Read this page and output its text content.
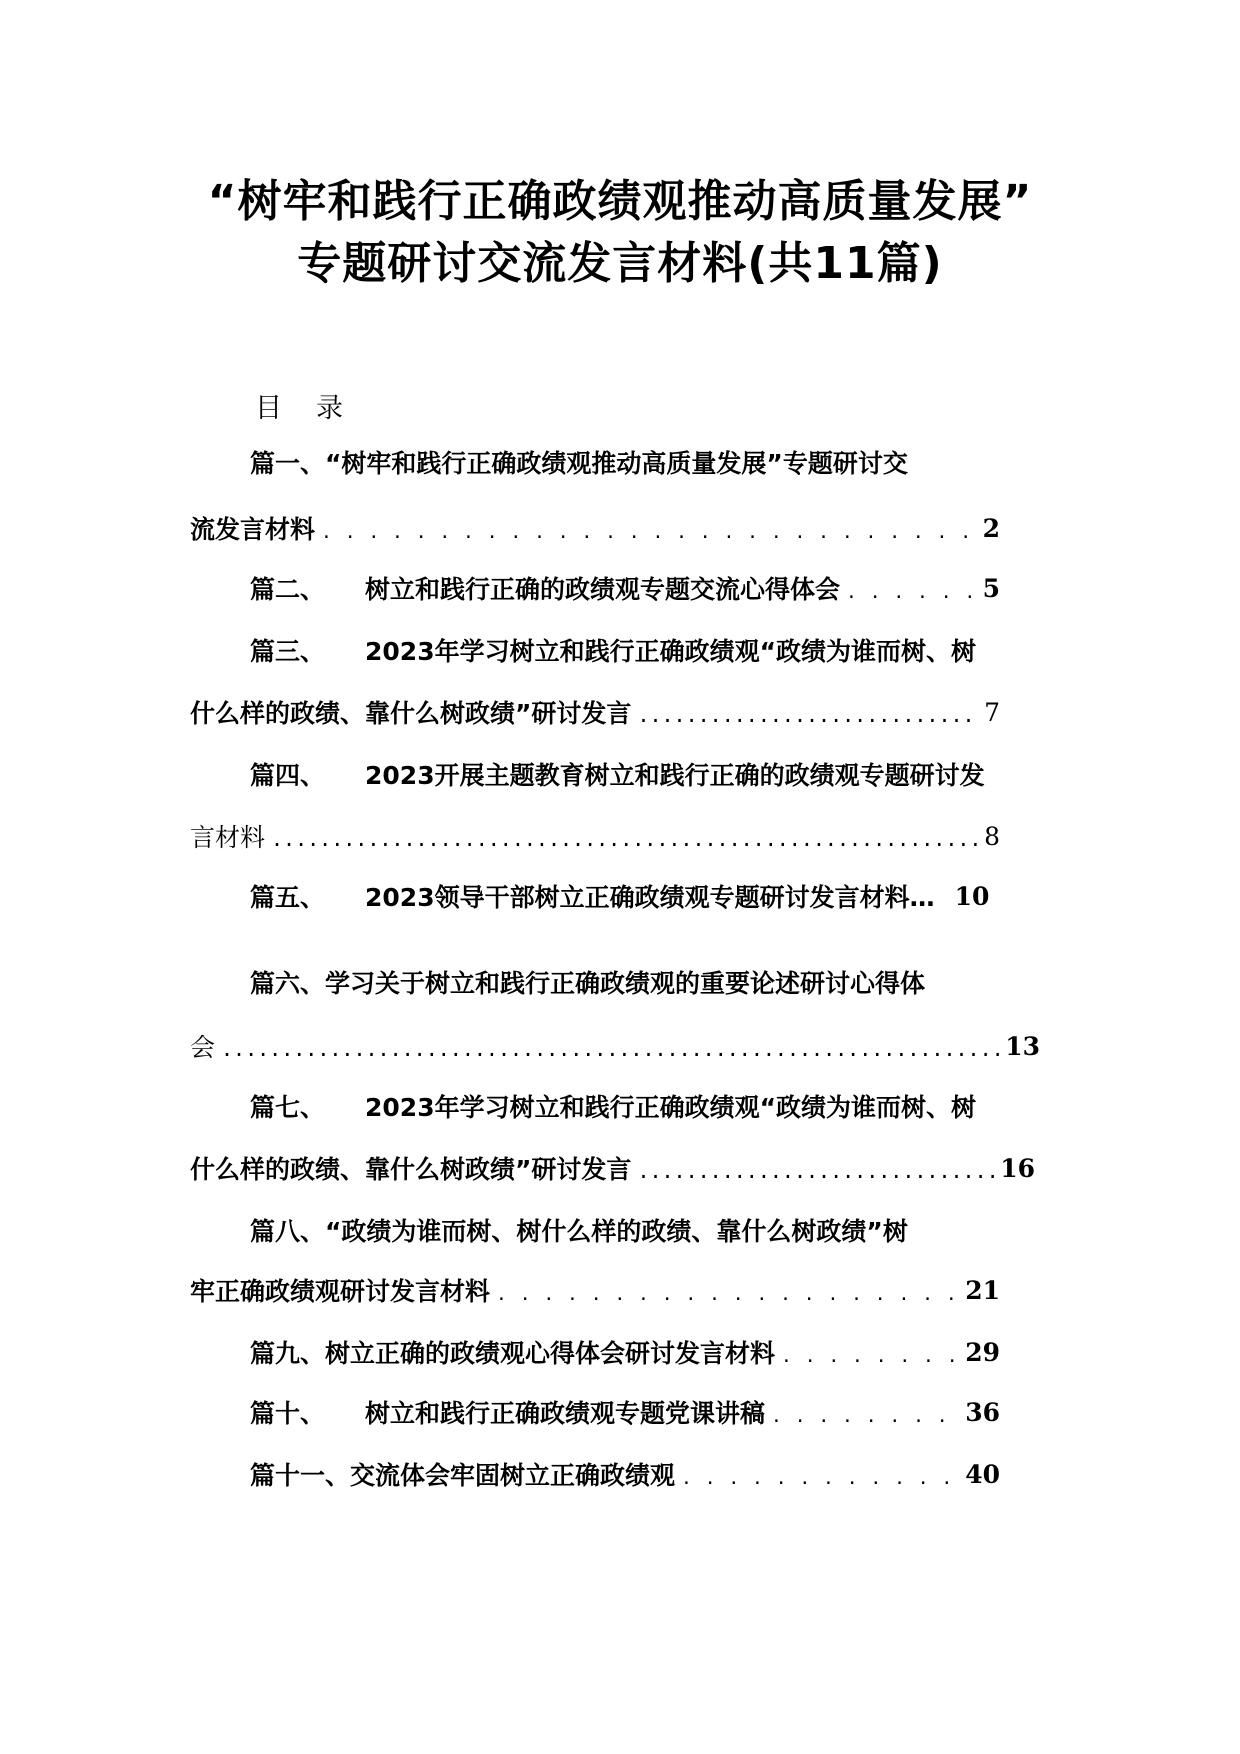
“树牢和践行正确政绩观推动高质量发展”
专题研讨交流发言材料(共11篇)
目 录
篇一、“树牢和践行正确政绩观推动高质量发展”专题研讨交
流发言材料 . . .	2
篇二、 树立和践行正确的政绩观专题交流心得体会 . . .	5
篇三、 2023年学习树立和践行正确政绩观“政绩为谁而树、树
什么样的政绩、靠什么树政绩”研讨发言 .....	7
篇四、 2023开展主题教育树立和践行正确的政绩观专题研讨发
言材料 .....	8
篇五、 2023领导干部树立正确政绩观专题研讨发言材料… 10
篇六、学习关于树立和践行正确政绩观的重要论述研讨心得体
会 .....	13
篇七、 2023年学习树立和践行正确政绩观“政绩为谁而树、树
什么样的政绩、靠什么树政绩”研讨发言 .....	16
篇八、“政绩为谁而树、树什么样的政绩、靠什么树政绩”树
牢正确政绩观研讨发言材料 . . .	21
篇九、树立正确的政绩观心得体会研讨发言材料 . . .	29
篇十、 树立和践行正确政绩观专题党课讲稿 . . .	36
篇十一、交流体会牢固树立正确政绩观 . . .	40
